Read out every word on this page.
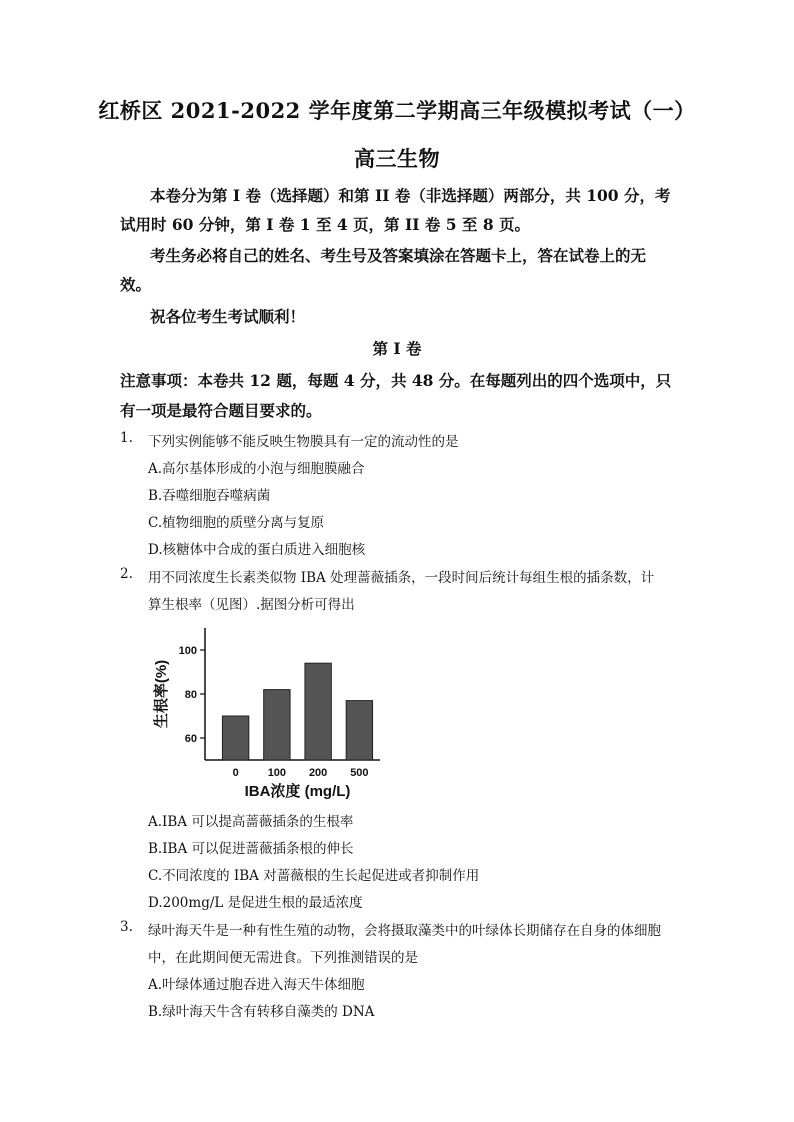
红桥区 2021-2022 学年度第二学期高三年级模拟考试（一）
高三生物
本卷分为第 I 卷（选择题）和第 II 卷（非选择题）两部分，共 100 分，考
试用时 60 分钟，第 I 卷 1 至 4 页，第 II 卷 5 至 8 页。
考生务必将自己的姓名、考生号及答案填涂在答题卡上，答在试卷上的无
效。
祝各位考生考试顺利！
第 I 卷
注意事项：本卷共 12 题，每题 4 分，共 48 分。在每题列出的四个选项中，只
有一项是最符合题目要求的。
1. 下列实例能够不能反映生物膜具有一定的流动性的是
A.高尔基体形成的小泡与细胞膜融合
B.吞噬细胞吞噬病菌
C.植物细胞的质壁分离与复原
D.核糖体中合成的蛋白质进入细胞核
2. 用不同浓度生长素类似物 IBA 处理蔷薇插条，一段时间后统计每组生根的插条数，计
算生根率（见图）.据图分析可得出
60
80
100
0	100 200 500
IBA浓度 (mg/L)
生根率(%)
A.IBA 可以提高蔷薇插条的生根率
B.IBA 可以促进蔷薇插条根的伸长
C.不同浓度的 IBA 对蔷薇根的生长起促进或者抑制作用
D.200mg/L 是促进生根的最适浓度
3. 绿叶海天牛是一种有性生殖的动物，会将摄取藻类中的叶绿体长期储存在自身的体细胞
中，在此期间便无需进食。下列推测错误的是
A.叶绿体通过胞吞进入海天牛体细胞
B.绿叶海天牛含有转移自藻类的 DNA
